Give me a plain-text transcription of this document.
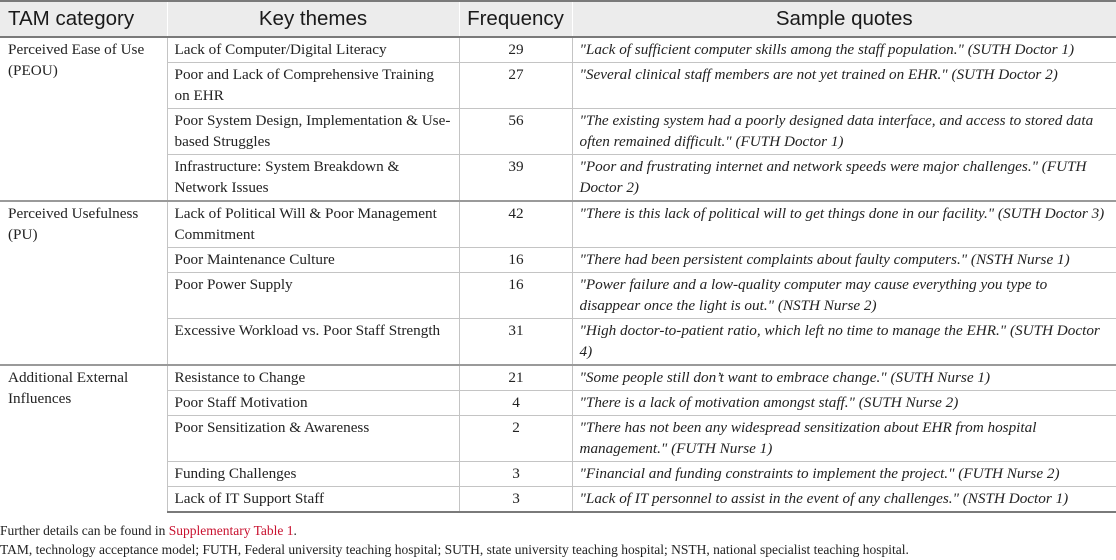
TAM category	Key themes	Frequency	Sample quotes
Perceived Ease of Use (PEOU)	Lack of Computer/Digital Literacy	29	"Lack of sufficient computer skills among the staff population." (SUTH Doctor 1)
	Poor and Lack of Comprehensive Training on EHR	27	"Several clinical staff members are not yet trained on EHR." (SUTH Doctor 2)
	Poor System Design, Implementation & Use-based Struggles	56	"The existing system had a poorly designed data interface, and access to stored data often remained difficult." (FUTH Doctor 1)
	Infrastructure: System Breakdown & Network Issues	39	"Poor and frustrating internet and network speeds were major challenges." (FUTH Doctor 2)
Perceived Usefulness (PU)	Lack of Political Will & Poor Management Commitment	42	"There is this lack of political will to get things done in our facility." (SUTH Doctor 3)
	Poor Maintenance Culture	16	"There had been persistent complaints about faulty computers." (NSTH Nurse 1)
	Poor Power Supply	16	"Power failure and a low-quality computer may cause everything you type to disappear once the light is out." (NSTH Nurse 2)
	Excessive Workload vs. Poor Staff Strength	31	"High doctor-to-patient ratio, which left no time to manage the EHR." (SUTH Doctor 4)
Additional External Influences	Resistance to Change	21	"Some people still don’t want to embrace change." (SUTH Nurse 1)
	Poor Staff Motivation	4	"There is a lack of motivation amongst staff." (SUTH Nurse 2)
	Poor Sensitization & Awareness	2	"There has not been any widespread sensitization about EHR from hospital management." (FUTH Nurse 1)
	Funding Challenges	3	"Financial and funding constraints to implement the project." (FUTH Nurse 2)
	Lack of IT Support Staff	3	"Lack of IT personnel to assist in the event of any challenges." (NSTH Doctor 1)

Further details can be found in Supplementary Table 1.

TAM, technology acceptance model; FUTH, Federal university teaching hospital; SUTH, state university teaching hospital; NSTH, national specialist teaching hospital.
